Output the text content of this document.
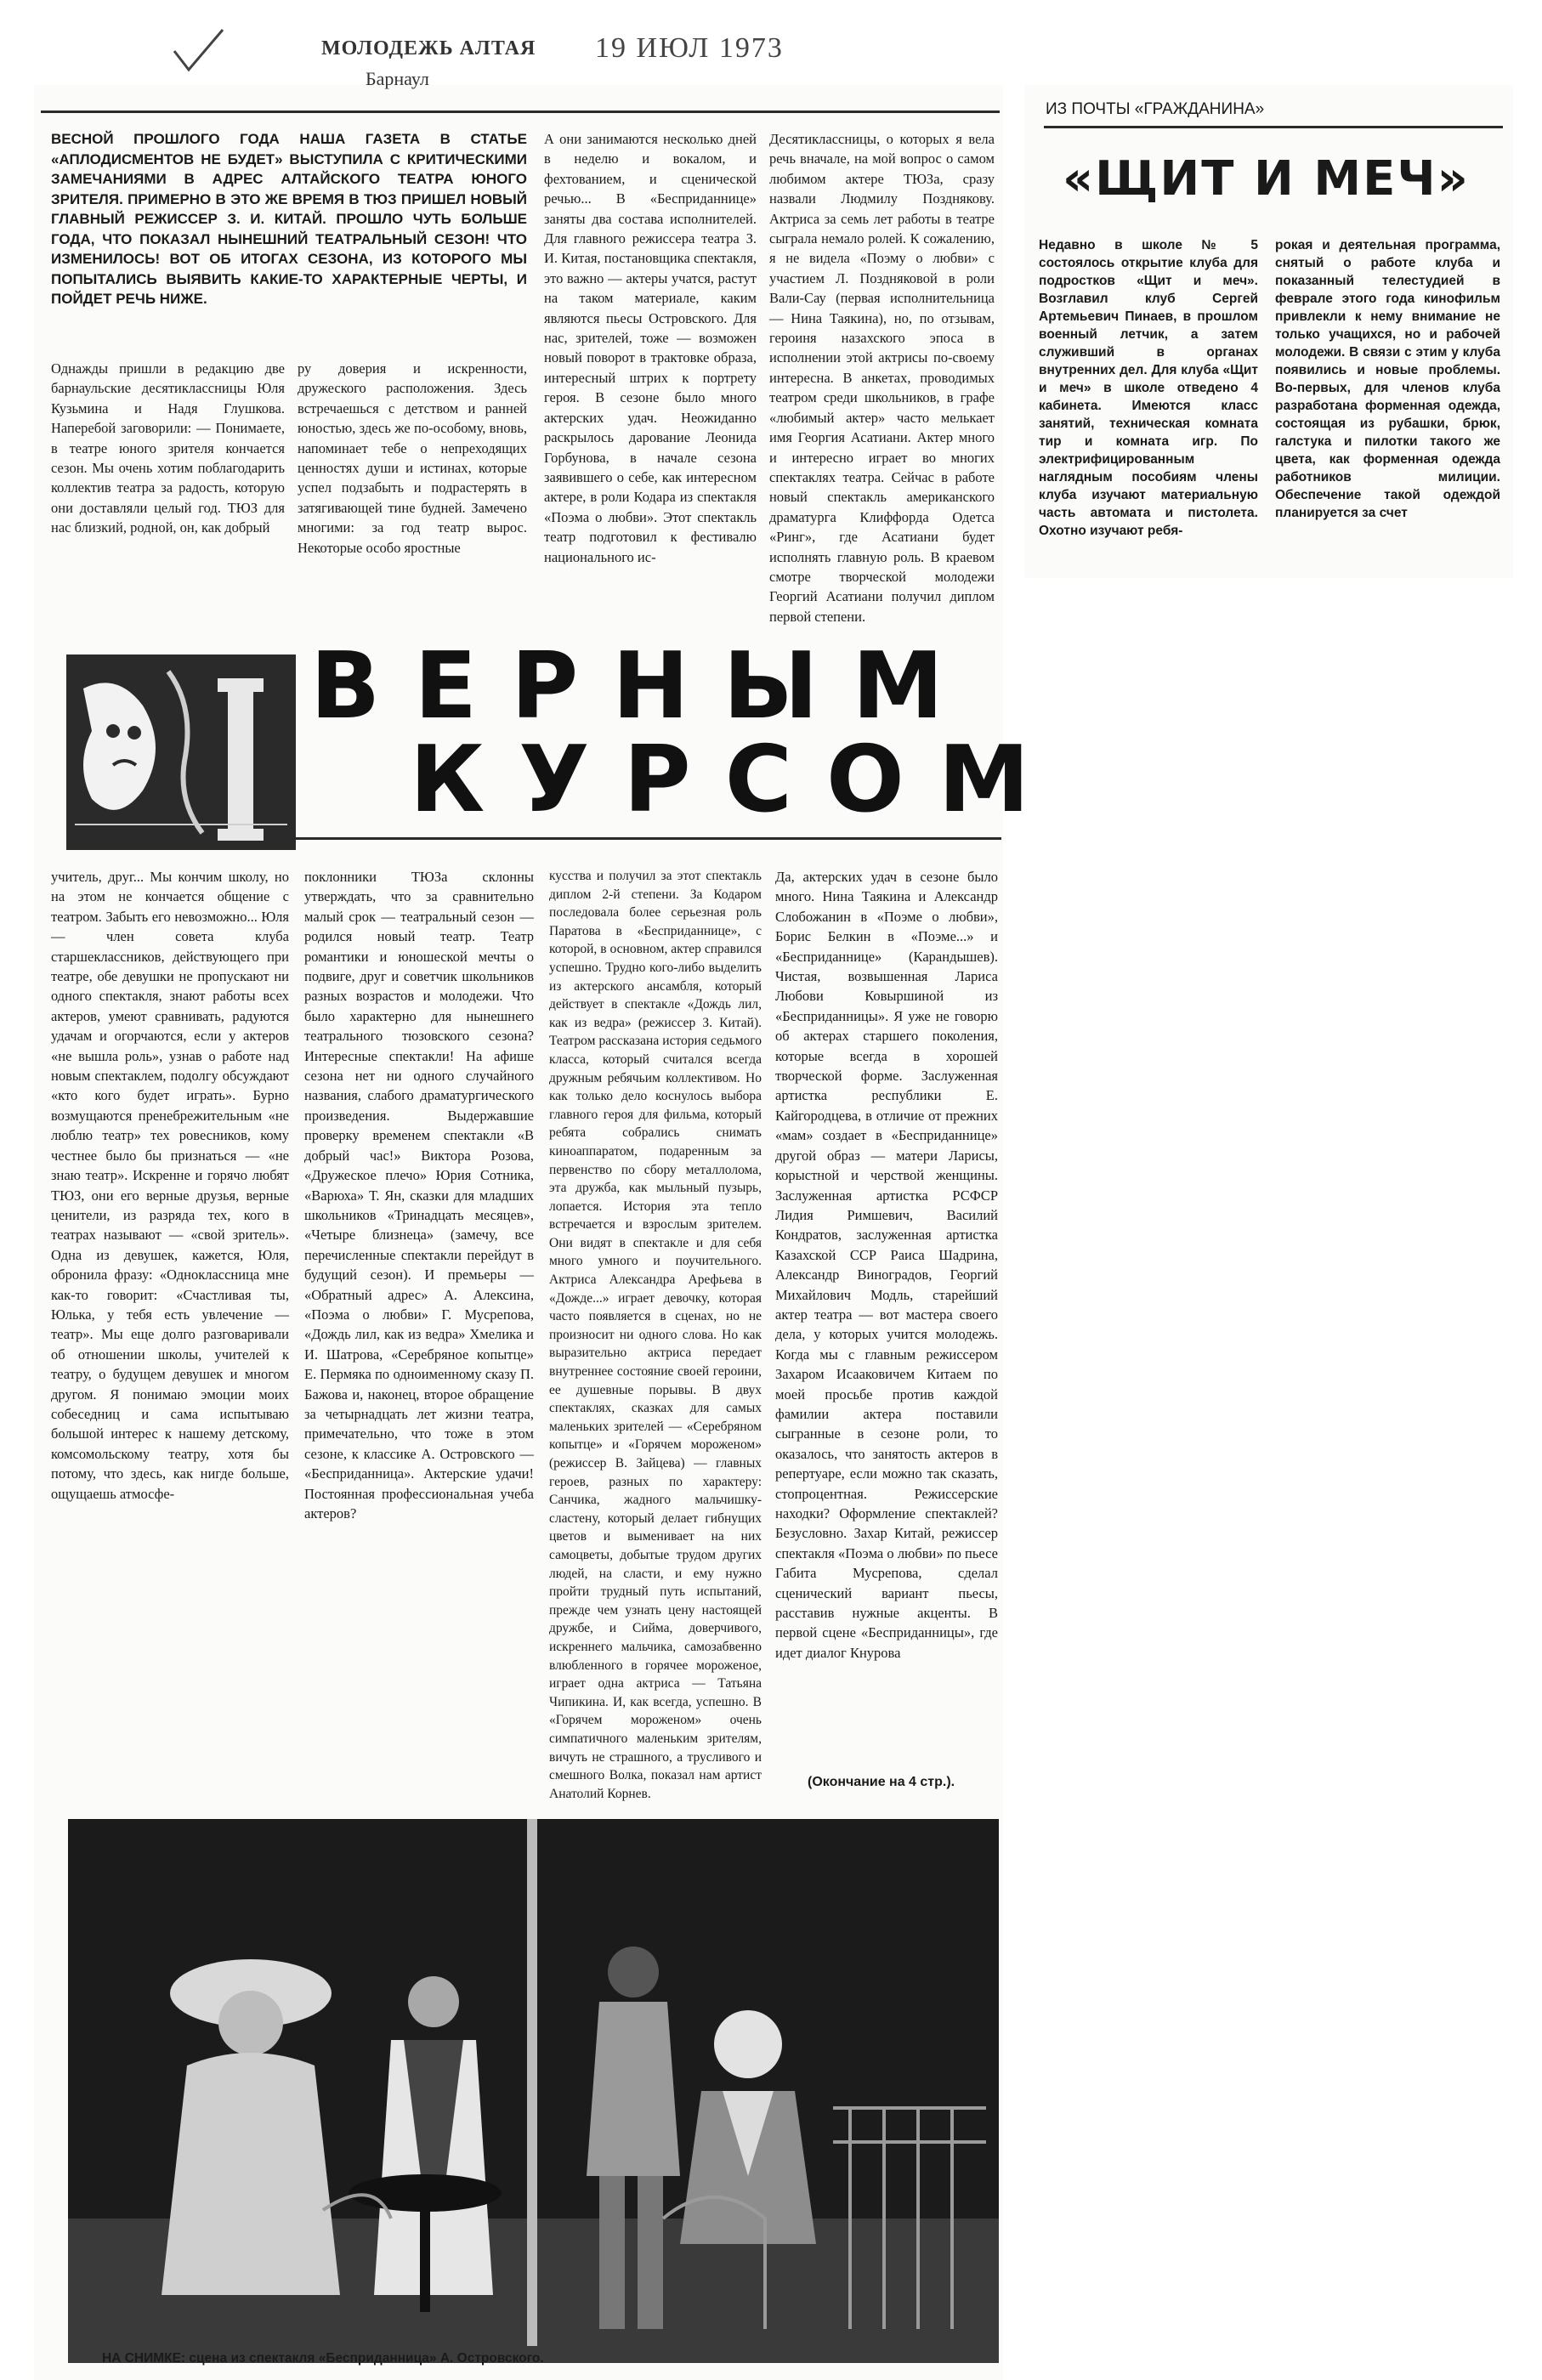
МОЛОДЕЖЬ АЛТАЯ 19 ИЮЛ 1973
Барнаул
ВЕСНОЙ ПРОШЛОГО ГОДА НАША ГАЗЕТА В СТАТЬЕ «АПЛОДИСМЕНТОВ НЕ БУДЕТ» ВЫСТУПИЛА С КРИТИЧЕСКИМИ ЗАМЕЧАНИЯМИ В АДРЕС АЛТАЙСКОГО ТЕАТРА ЮНОГО ЗРИТЕЛЯ. ПРИМЕРНО В ЭТО ЖЕ ВРЕМЯ В ТЮЗ ПРИШЕЛ НОВЫЙ ГЛАВНЫЙ РЕЖИССЕР З. И. КИТАЙ. ПРОШЛО ЧУТЬ БОЛЬШЕ ГОДА, ЧТО ПОКАЗАЛ НЫНЕШНИЙ ТЕАТРАЛЬНЫЙ СЕЗОН! ЧТО ИЗМЕНИЛОСЬ! ВОТ ОБ ИТОГАХ СЕЗОНА, ИЗ КОТОРОГО МЫ ПОПЫТАЛИСЬ ВЫЯВИТЬ КАКИЕ-ТО ХАРАКТЕРНЫЕ ЧЕРТЫ, И ПОЙДЕТ РЕЧЬ НИЖЕ.
Однажды пришли в редакцию две барнаульские десятиклассницы Юля Кузьмина и Надя Глушкова. Наперебой заговорили: — Понимаете, в театре юного зрителя кончается сезон. Мы очень хотим поблагодарить коллектив театра за радость, которую они доставляли целый год. ТЮЗ для нас близкий, родной, он, как добрый
ру доверия и искренности, дружеского расположения. Здесь встречаешься с детством и ранней юностью, здесь же по-особому, вновь, напоминает тебе о непреходящих ценностях души и истинах, которые успел подзабыть и подрастерять в затягивающей тине будней. Замечено многими: за год театр вырос. Некоторые особо яростные
А они занимаются несколько дней в неделю и вокалом, и фехтованием, и сценической речью... В «Бесприданнице» заняты два состава исполнителей. Для главного режиссера театра З. И. Китая, постановщика спектакля, это важно — актеры учатся, растут на таком материале, каким являются пьесы Островского. Для нас, зрителей, тоже — возможен новый поворот в трактовке образа, интересный штрих к портрету героя. В сезоне было много актерских удач. Неожиданно раскрылось дарование Леонида Горбунова, в начале сезона заявившего о себе, как интересном актере, в роли Кодара из спектакля «Поэма о любви». Этот спектакль театр подготовил к фестивалю национального ис-
Десятиклассницы, о которых я вела речь вначале, на мой вопрос о самом любимом актере ТЮЗа, сразу назвали Людмилу Позднякову. Актриса за семь лет работы в театре сыграла немало ролей. К сожалению, я не видела «Поэму о любви» с участием Л. Поздняковой в роли Вали-Сау (первая исполнительница — Нина Таякина), но, по отзывам, героиня назахского эпоса в исполнении этой актрисы по-своему интересна. В анкетах, проводимых театром среди школьников, в графе «любимый актер» часто мелькает имя Георгия Асатиани. Актер много и интересно играет во многих спектаклях театра. Сейчас в работе новый спектакль американского драматурга Клиффорда Одетса «Ринг», где Асатиани будет исполнять главную роль. В краевом смотре творческой молодежи Георгий Асатиани получил диплом первой степени.
ВЕРНЫМ
КУРСОМ
учитель, друг... Мы кончим школу, но на этом не кончается общение с театром. Забыть его невозможно... Юля — член совета клуба старшеклассников, действующего при театре, обе девушки не пропускают ни одного спектакля, знают работы всех актеров, умеют сравнивать, радуются удачам и огорчаются, если у актеров «не вышла роль», узнав о работе над новым спектаклем, подолгу обсуждают «кто кого будет играть». Бурно возмущаются пренебрежительным «не люблю театр» тех ровесников, кому честнее было бы признаться — «не знаю театр». Искренне и горячо любят ТЮЗ, они его верные друзья, верные ценители, из разряда тех, кого в театрах называют — «свой зритель». Одна из девушек, кажется, Юля, обронила фразу: «Одноклассница мне как-то говорит: «Счастливая ты, Юлька, у тебя есть увлечение — театр». Мы еще долго разговаривали об отношении школы, учителей к театру, о будущем девушек и многом другом. Я понимаю эмоции моих собеседниц и сама испытываю большой интерес к нашему детскому, комсомольскому театру, хотя бы потому, что здесь, как нигде больше, ощущаешь атмосфе-
поклонники ТЮЗа склонны утверждать, что за сравнительно малый срок — театральный сезон — родился новый театр. Театр романтики и юношеской мечты о подвиге, друг и советчик школьников разных возрастов и молодежи. Что было характерно для нынешнего театрального тюзовского сезона? Интересные спектакли! На афише сезона нет ни одного случайного названия, слабого драматургического произведения. Выдержавшие проверку временем спектакли «В добрый час!» Виктора Розова, «Дружеское плечо» Юрия Сотника, «Варюха» Т. Ян, сказки для младших школьников «Тринадцать месяцев», «Четыре близнеца» (замечу, все перечисленные спектакли перейдут в будущий сезон). И премьеры — «Обратный адрес» А. Алексина, «Поэма о любви» Г. Мусрепова, «Дождь лил, как из ведра» Хмелика и И. Шатрова, «Серебряное копытце» Е. Пермяка по одноименному сказу П. Бажова и, наконец, второе обращение за четырнадцать лет жизни театра, примечательно, что тоже в этом сезоне, к классике А. Островского — «Бесприданница». Актерские удачи! Постоянная профессиональная учеба актеров?
кусства и получил за этот спектакль диплом 2-й степени. За Кодаром последовала более серьезная роль Паратова в «Бесприданнице», с которой, в основном, актер справился успешно. Трудно кого-либо выделить из актерского ансамбля, который действует в спектакле «Дождь лил, как из ведра» (режиссер З. Китай). Театром рассказана история седьмого класса, который считался всегда дружным ребячьим коллективом. Но как только дело коснулось выбора главного героя для фильма, который ребята собрались снимать киноаппаратом, подаренным за первенство по сбору металлолома, эта дружба, как мыльный пузырь, лопается. История эта тепло встречается и взрослым зрителем. Они видят в спектакле и для себя много умного и поучительного. Актриса Александра Арефьева в «Дожде...» играет девочку, которая часто появляется в сценах, но не произносит ни одного слова. Но как выразительно актриса передает внутреннее состояние своей героини, ее душевные порывы. В двух спектаклях, сказках для самых маленьких зрителей — «Серебряном копытце» и «Горячем мороженом» (режиссер В. Зайцева) — главных героев, разных по характеру: Санчика, жадного мальчишку-сластену, который делает гибнущих цветов и выменивает на них самоцветы, добытые трудом других людей, на сласти, и ему нужно пройти трудный путь испытаний, прежде чем узнать цену настоящей дружбе, и Сийма, доверчивого, искреннего мальчика, самозабвенно влюбленного в горячее мороженое, играет одна актриса — Татьяна Чипикина. И, как всегда, успешно. В «Горячем мороженом» очень симпатичного маленьким зрителям, вичуть не страшного, а трусливого и смешного Волка, показал нам артист Анатолий Корнев.
Да, актерских удач в сезоне было много. Нина Таякина и Александр Слобожанин в «Поэме о любви», Борис Белкин в «Поэме...» и «Бесприданнице» (Карандышев). Чистая, возвышенная Лариса Любови Ковыршиной из «Бесприданницы». Я уже не говорю об актерах старшего поколения, которые всегда в хорошей творческой форме. Заслуженная артистка республики Е. Кайгородцева, в отличие от прежних «мам» создает в «Бесприданнице» другой образ — матери Ларисы, корыстной и черствой женщины. Заслуженная артистка РСФСР Лидия Римшевич, Василий Кондратов, заслуженная артистка Казахской ССР Раиса Шадрина, Александр Виноградов, Георгий Михайлович Модль, старейший актер театра — вот мастера своего дела, у которых учится молодежь. Когда мы с главным режиссером Захаром Исааковичем Китаем по моей просьбе против каждой фамилии актера поставили сыгранные в сезоне роли, то оказалось, что занятость актеров в репертуаре, если можно так сказать, стопроцентная. Режиссерские находки? Оформление спектаклей? Безусловно. Захар Китай, режиссер спектакля «Поэма о любви» по пьесе Габита Мусрепова, сделал сценический вариант пьесы, расставив нужные акценты. В первой сцене «Бесприданницы», где идет диалог Кнурова
(Окончание на 4 стр.).
НА СНИМКЕ: сцена из спектакля «Бесприданница» А. Островского.
ИЗ ПОЧТЫ «ГРАЖДАНИНА»
«ЩИТ И МЕЧ»
Недавно в школе № 5 состоялось открытие клуба для подростков «Щит и меч». Возглавил клуб Сергей Артемьевич Пинаев, в прошлом военный летчик, а затем служивший в органах внутренних дел. Для клуба «Щит и меч» в школе отведено 4 кабинета. Имеются класс занятий, техническая комната тир и комната игр. По электрифицированным наглядным пособиям члены клуба изучают материальную часть автомата и пистолета. Охотно изучают ребя-
рокая и деятельная программа, снятый о работе клуба и показанный телестудией в феврале этого года кинофильм привлекли к нему внимание не только учащихся, но и рабочей молодежи. В связи с этим у клуба появились и новые проблемы. Во-первых, для членов клуба разработана форменная одежда, состоящая из рубашки, брюк, галстука и пилотки такого же цвета, как форменная одежда работников милиции. Обеспечение такой одеждой планируется за счет
